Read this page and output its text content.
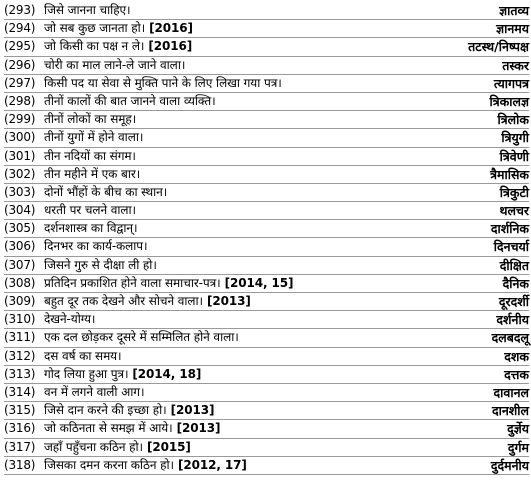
(293) जिसे जानना चाहिए।	ज्ञातव्य
(294) जो सब कुछ जानता हो। [2016]	ज्ञानमय
(295) जो किसी का पक्ष न ले। [2016]	तटस्थ/निष्पक्ष
(296) चोरी का माल लाने-ले जाने वाला।	तस्कर
(297) किसी पद या सेवा से मुक्ति पाने के लिए लिखा गया पत्र।	त्यागपत्र
(298) तीनों कालों की बात जानने वाला व्यक्ति।	त्रिकालज्ञ
(299) तीनों लोकों का समूह।	त्रिलोक
(300) तीनों युगों में होने वाला।	त्रियुगी
(301) तीन नदियों का संगम।	त्रिवेणी
(302) तीन महीने में एक बार।	त्रैमासिक
(303) दोनों भौंहों के बीच का स्थान।	त्रिकुटी
(304) धरती पर चलने वाला।	थलचर
(305) दर्शनशास्त्र का विद्वान्।	दार्शनिक
(306) दिनभर का कार्य-कलाप।	दिनचर्या
(307) जिसने गुरु से दीक्षा ली हो।	दीक्षित
(308) प्रतिदिन प्रकाशित होने वाला समाचार-पत्र। [2014, 15]	दैनिक
(309) बहुत दूर तक देखने और सोचने वाला। [2013]	दूरदर्शी
(310) देखने-योग्य।	दर्शनीय
(311) एक दल छोड़कर दूसरे में सम्मिलित होने वाला।	दलबदलू
(312) दस वर्ष का समय।	दशक
(313) गोद लिया हुआ पुत्र। [2014, 18]	दत्तक
(314) वन में लगने वाली आग।	दावानल
(315) जिसे दान करने की इच्छा हो। [2013]	दानशील
(316) जो कठिनता से समझ में आये। [2013]	दुर्ज्ञेय
(317) जहाँ पहुँचना कठिन हो। [2015]	दुर्गम
(318) जिसका दमन करना कठिन हो। [2012, 17]	दुर्दमनीय
